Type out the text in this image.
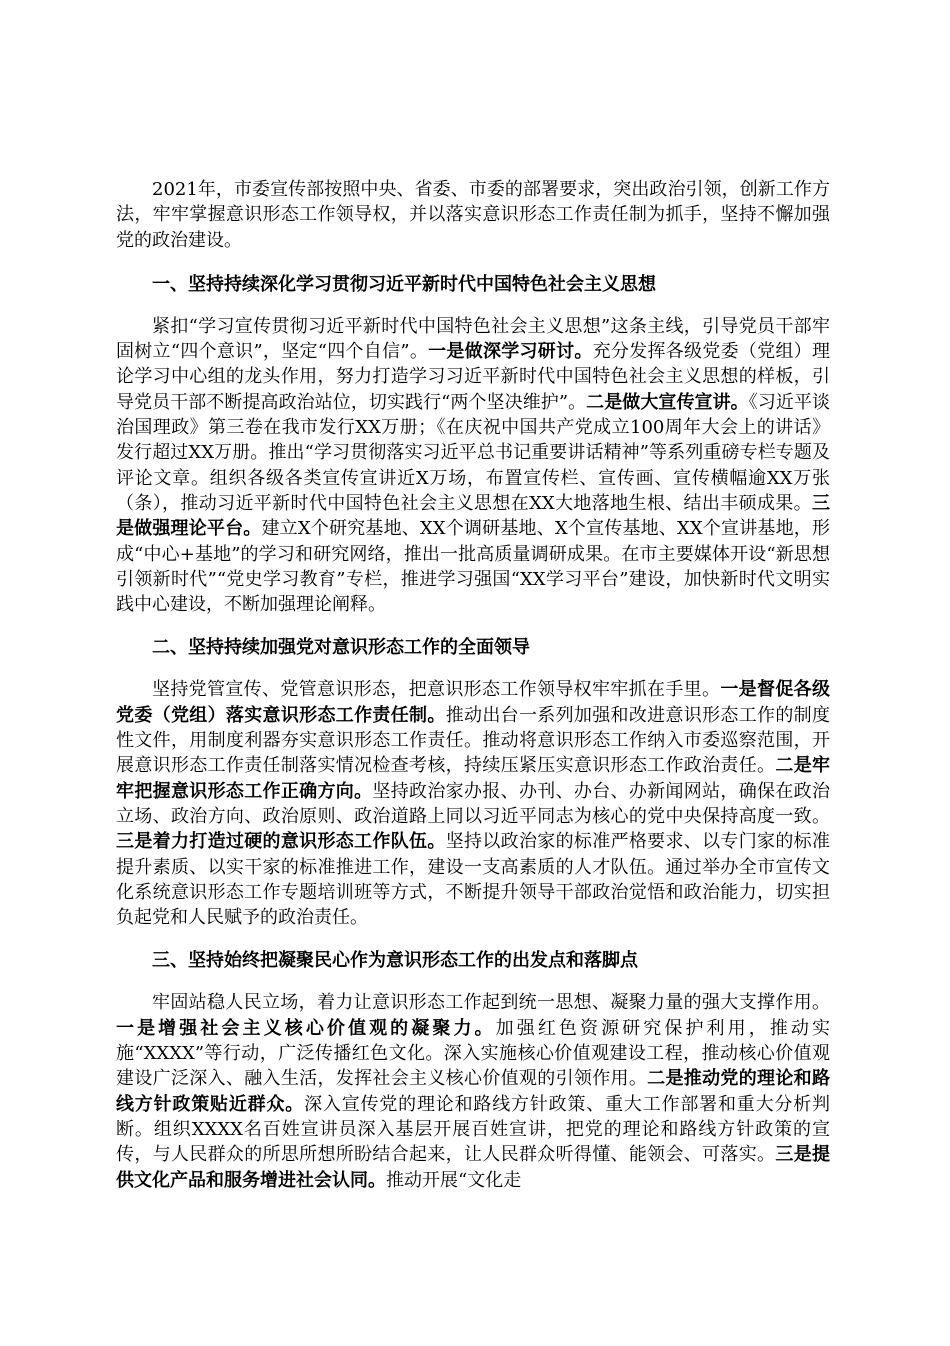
2021年，市委宣传部按照中央、省委、市委的部署要求，突出政治引领，创新工作方法，牢牢掌握意识形态工作领导权，并以落实意识形态工作责任制为抓手，坚持不懈加强党的政治建设。

一、坚持持续深化学习贯彻习近平新时代中国特色社会主义思想

紧扣“学习宣传贯彻习近平新时代中国特色社会主义思想”这条主线，引导党员干部牢固树立“四个意识”，坚定“四个自信”。一是做深学习研讨。充分发挥各级党委（党组）理论学习中心组的龙头作用，努力打造学习习近平新时代中国特色社会主义思想的样板，引导党员干部不断提高政治站位，切实践行“两个坚决维护”。二是做大宣传宣讲。《习近平谈治国理政》第三卷在我市发行XX万册；《在庆祝中国共产党成立100周年大会上的讲话》发行超过XX万册。推出“学习贯彻落实习近平总书记重要讲话精神”等系列重磅专栏专题及评论文章。组织各级各类宣传宣讲近X万场，布置宣传栏、宣传画、宣传横幅逾XX万张（条），推动习近平新时代中国特色社会主义思想在XX大地落地生根、结出丰硕成果。三是做强理论平台。建立X个研究基地、XX个调研基地、X个宣传基地、XX个宣讲基地，形成“中心+基地”的学习和研究网络，推出一批高质量调研成果。在市主要媒体开设“新思想引领新时代”“党史学习教育”专栏，推进学习强国“XX学习平台”建设，加快新时代文明实践中心建设，不断加强理论阐释。

二、坚持持续加强党对意识形态工作的全面领导

坚持党管宣传、党管意识形态，把意识形态工作领导权牢牢抓在手里。一是督促各级党委（党组）落实意识形态工作责任制。推动出台一系列加强和改进意识形态工作的制度性文件，用制度利器夯实意识形态工作责任。推动将意识形态工作纳入市委巡察范围，开展意识形态工作责任制落实情况检查考核，持续压紧压实意识形态工作政治责任。二是牢牢把握意识形态工作正确方向。坚持政治家办报、办刊、办台、办新闻网站，确保在政治立场、政治方向、政治原则、政治道路上同以习近平同志为核心的党中央保持高度一致。三是着力打造过硬的意识形态工作队伍。坚持以政治家的标准严格要求、以专门家的标准提升素质、以实干家的标准推进工作，建设一支高素质的人才队伍。通过举办全市宣传文化系统意识形态工作专题培训班等方式，不断提升领导干部政治觉悟和政治能力，切实担负起党和人民赋予的政治责任。

三、坚持始终把凝聚民心作为意识形态工作的出发点和落脚点

牢固站稳人民立场，着力让意识形态工作起到统一思想、凝聚力量的强大支撑作用。一是增强社会主义核心价值观的凝聚力。加强红色资源研究保护利用，推动实施“XXXX”等行动，广泛传播红色文化。深入实施核心价值观建设工程，推动核心价值观建设广泛深入、融入生活，发挥社会主义核心价值观的引领作用。二是推动党的理论和路线方针政策贴近群众。深入宣传党的理论和路线方针政策、重大工作部署和重大分析判断。组织XXXX名百姓宣讲员深入基层开展百姓宣讲，把党的理论和路线方针政策的宣传，与人民群众的所思所想所盼结合起来，让人民群众听得懂、能领会、可落实。三是提供文化产品和服务增进社会认同。推动开展“文化走
